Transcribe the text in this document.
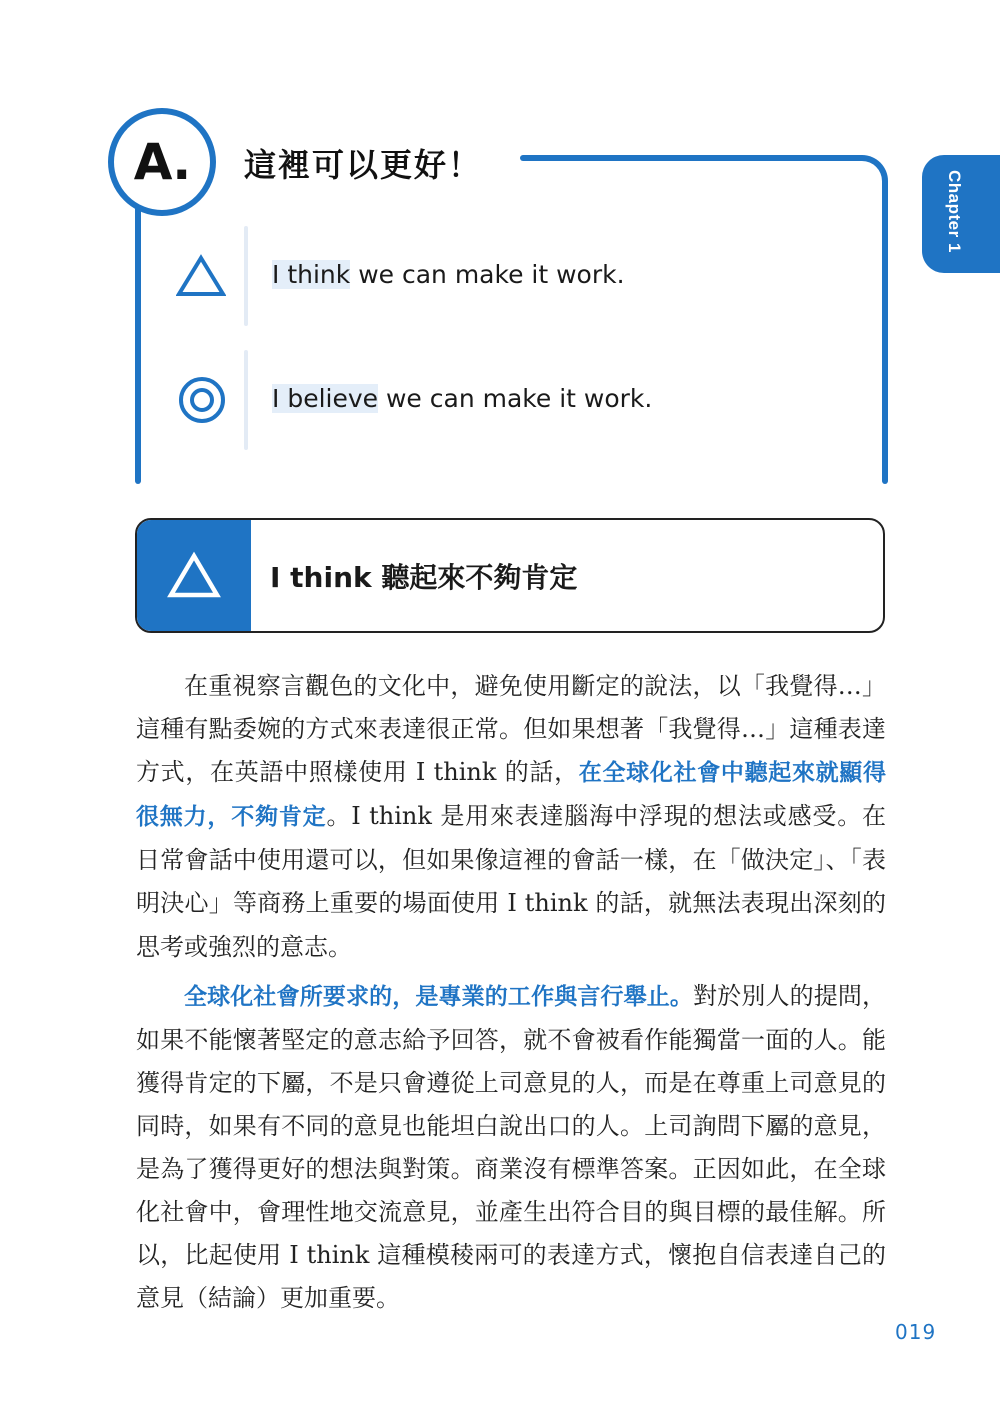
A. 這裡可以更好！
I think we can make it work.
I believe we can make it work.
Chapter 1
I think 聽起來不夠肯定

在重視察言觀色的文化中，避免使用斷定的說法，以「我覺得…」這種有點委婉的方式來表達很正常。但如果想著「我覺得…」這種表達方式，在英語中照樣使用 I think 的話，在全球化社會中聽起來就顯得很無力，不夠肯定。I think 是用來表達腦海中浮現的想法或感受。在日常會話中使用還可以，但如果像這裡的會話一樣，在「做決定」、「表明決心」等商務上重要的場面使用 I think 的話，就無法表現出深刻的思考或強烈的意志。

全球化社會所要求的，是專業的工作與言行舉止。對於別人的提問，如果不能懷著堅定的意志給予回答，就不會被看作能獨當一面的人。能獲得肯定的下屬，不是只會遵從上司意見的人，而是在尊重上司意見的同時，如果有不同的意見也能坦白說出口的人。上司詢問下屬的意見，是為了獲得更好的想法與對策。商業沒有標準答案。正因如此，在全球化社會中，會理性地交流意見，並產生出符合目的與目標的最佳解。所以，比起使用 I think 這種模稜兩可的表達方式，懷抱自信表達自己的意見（結論）更加重要。

019
